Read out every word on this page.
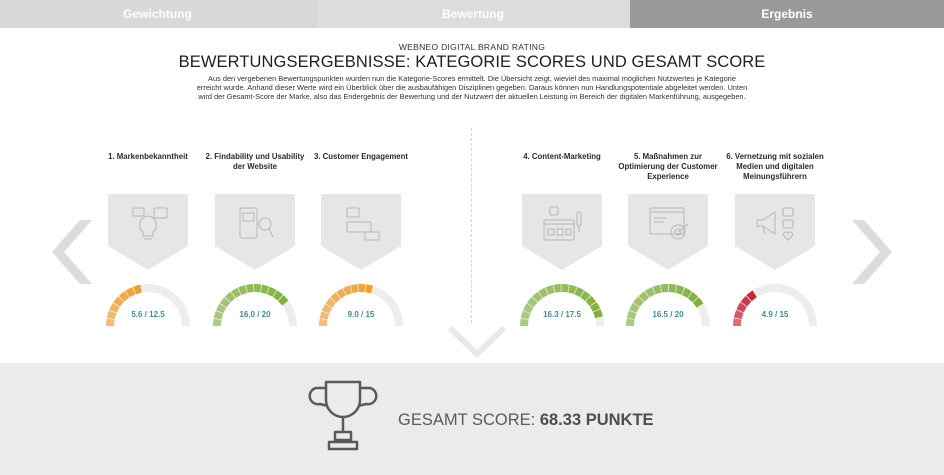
Gewichtung	Bewertung	Ergebnis
WEBNEO DIGITAL BRAND RATING
BEWERTUNGSERGEBNISSE: KATEGORIE SCORES UND GESAMT SCORE
Aus den vergebenen Bewertungspunkten wurden nun die Kategorie-Scores ermittelt. Die Übersicht zeigt, wieviel des maximal möglichen Nutzwertes je Kategorie erreicht wurde. Anhand dieser Werte wird ein Überblick über die ausbaufähigen Disziplinen gegeben. Daraus können nun Handlungspotentiale abgeleitet werden. Unten wird der Gesamt-Score der Marke, also das Endergebnis der Bewertung und der Nutzwert der aktuellen Leistung im Bereich der digitalen Markenführung, ausgegeben.
1. Markenbekanntheit
5.6 / 12.5
2. Findability und Usability der Website
16.0 / 20
3. Customer Engagement
9.0 / 15
4. Content-Marketing
16.3 / 17.5
5. Maßnahmen zur Optimierung der Customer Experience
16.5 / 20
6. Vernetzung mit sozialen Medien und digitalen Meinungsführern
4.9 / 15
GESAMT SCORE: 68.33 PUNKTE
